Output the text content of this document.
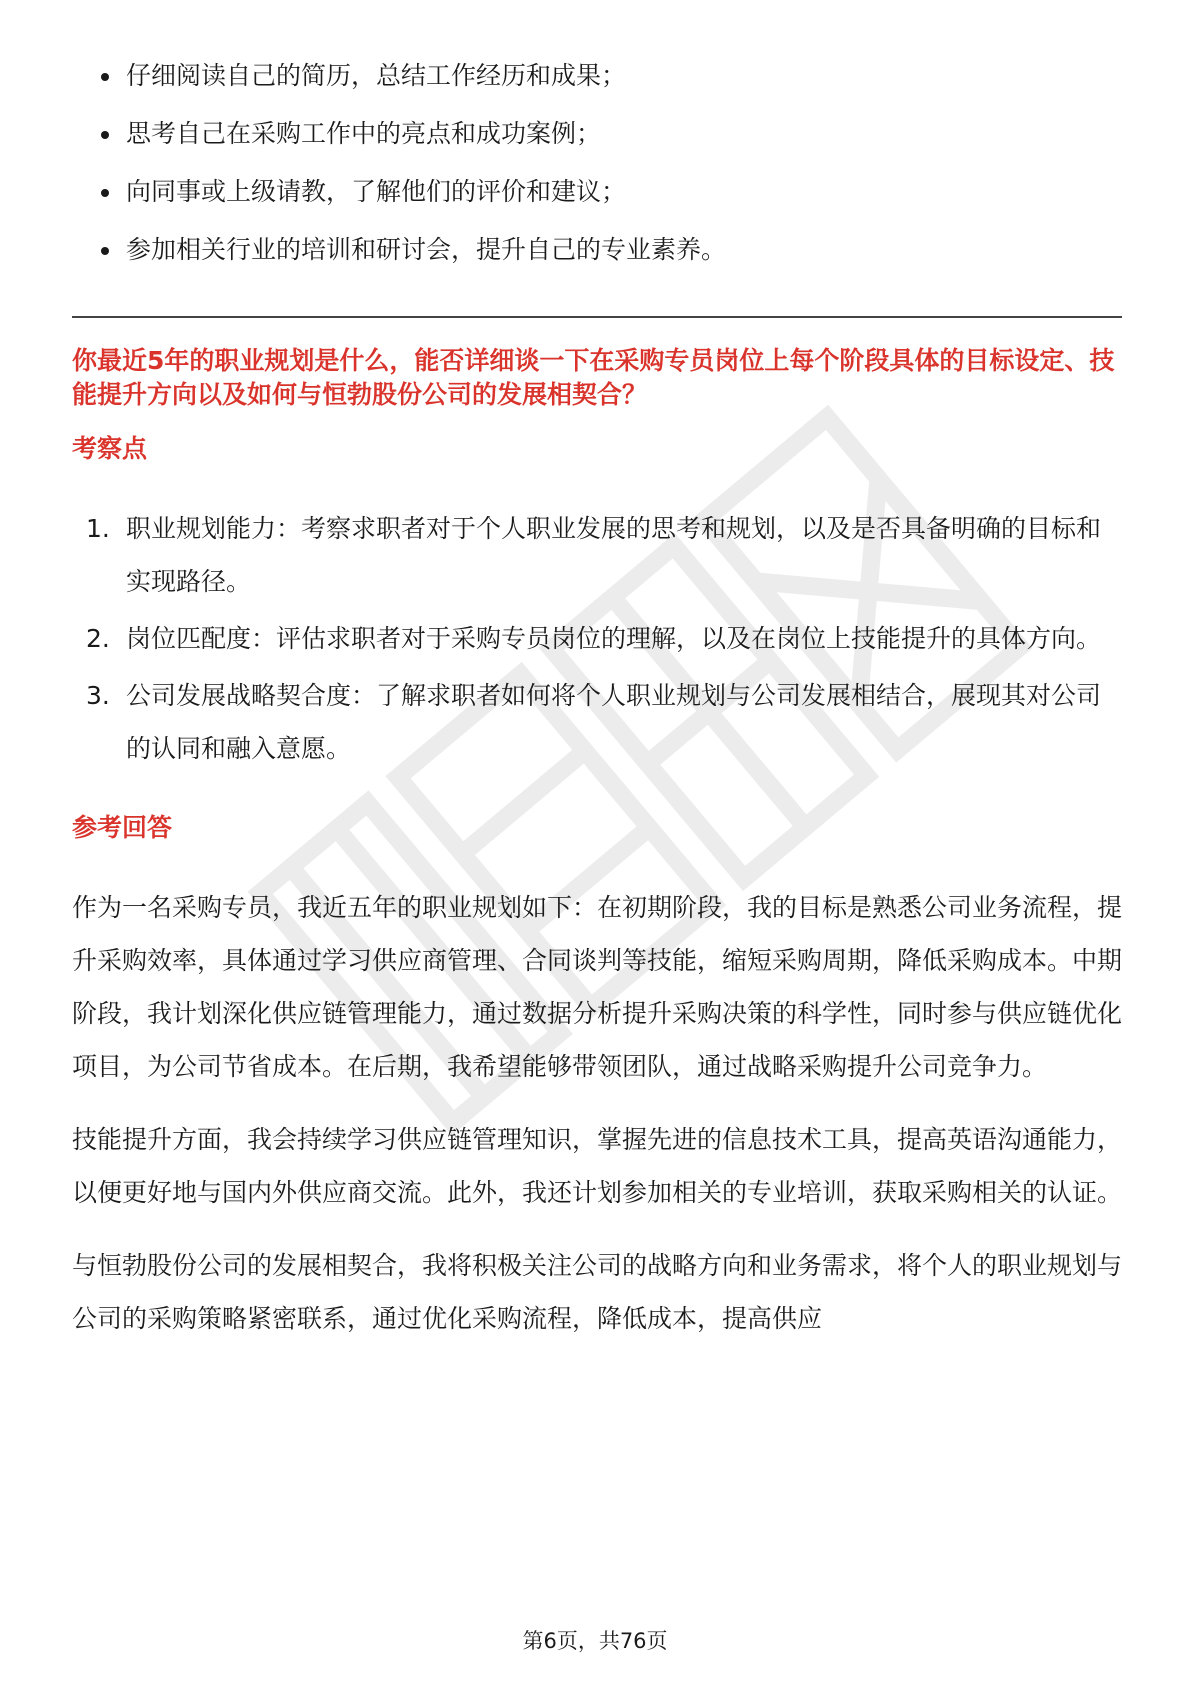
仔细阅读自己的简历，总结工作经历和成果；
思考自己在采购工作中的亮点和成功案例；
向同事或上级请教，了解他们的评价和建议；
参加相关行业的培训和研讨会，提升自己的专业素养。

你最近5年的职业规划是什么，能否详细谈一下在采购专员岗位上每个阶段具体的目标设定、技能提升方向以及如何与恒勃股份公司的发展相契合？

考察点
1. 职业规划能力：考察求职者对于个人职业发展的思考和规划，以及是否具备明确的目标和实现路径。
2. 岗位匹配度：评估求职者对于采购专员岗位的理解，以及在岗位上技能提升的具体方向。
3. 公司发展战略契合度：了解求职者如何将个人职业规划与公司发展相结合，展现其对公司的认同和融入意愿。
参考回答

作为一名采购专员，我近五年的职业规划如下：在初期阶段，我的目标是熟悉公司业务流程，提升采购效率，具体通过学习供应商管理、合同谈判等技能，缩短采购周期，降低采购成本。中期阶段，我计划深化供应链管理能力，通过数据分析提升采购决策的科学性，同时参与供应链优化项目，为公司节省成本。在后期，我希望能够带领团队，通过战略采购提升公司竞争力。

技能提升方面，我会持续学习供应链管理知识，掌握先进的信息技术工具，提高英语沟通能力，以便更好地与国内外供应商交流。此外，我还计划参加相关的专业培训，获取采购相关的认证。

与恒勃股份公司的发展相契合，我将积极关注公司的战略方向和业务需求，将个人的职业规划与公司的采购策略紧密联系，通过优化采购流程，降低成本，提高供应

第6页，共76页
